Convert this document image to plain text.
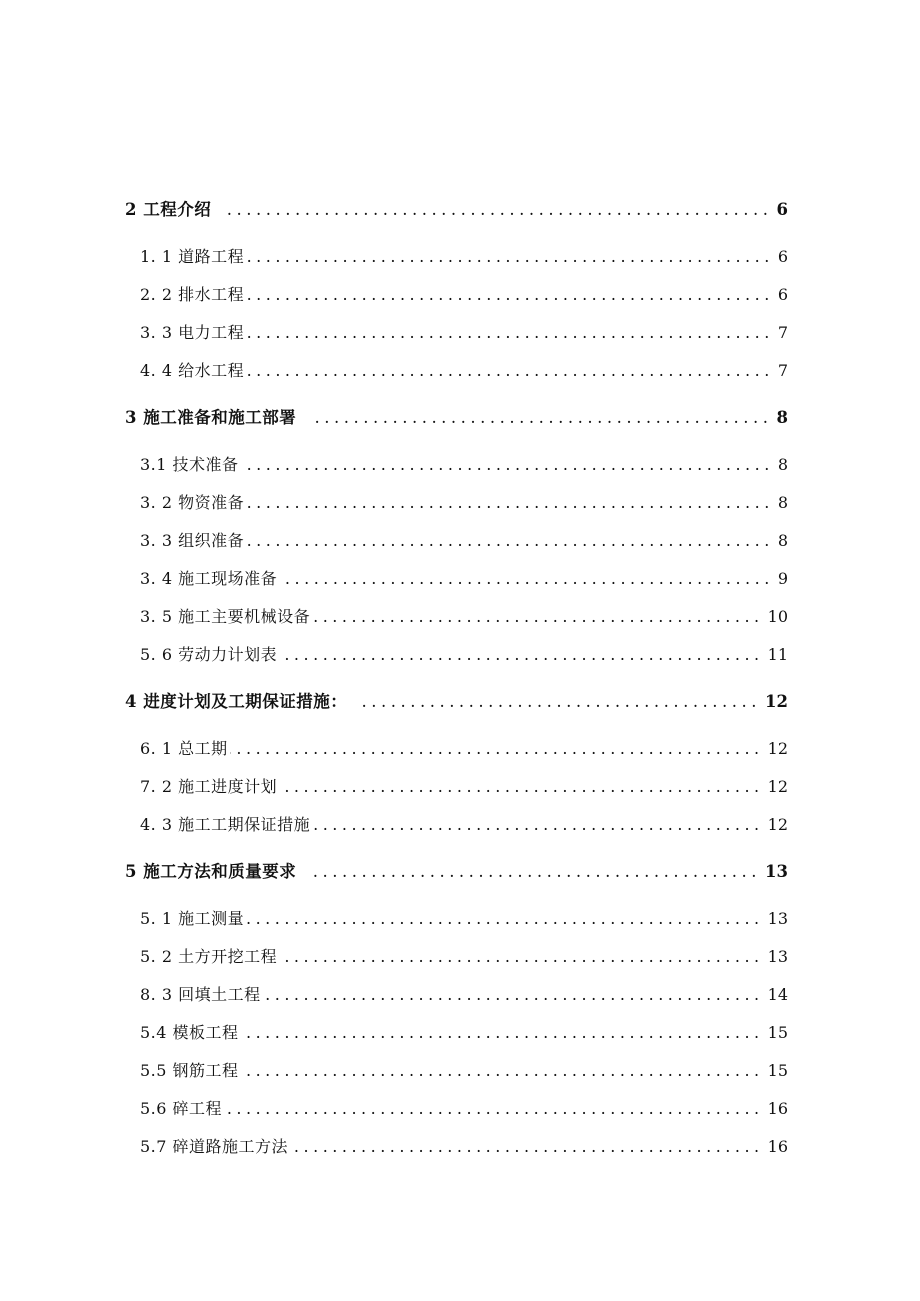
2 工程介绍 .....	6
1. 1 道路工程 .....	6
2. 2 排水工程 .....	6
3. 3 电力工程 .....	7
4. 4 给水工程 .....	7
3 施工准备和施工部署 .....	8
3.1 技术准备 .....	8
3. 2 物资准备 .....	8
3. 3 组织准备 .....	8
3. 4 施工现场准备 .....	9
3. 5 施工主要机械设备 .....	10
5. 6 劳动力计划表 .....	11
4 进度计划及工期保证措施： .....	12
6. 1 总工期 .....	12
7. 2 施工进度计划 .....	12
4. 3 施工工期保证措施 .....	12
5 施工方法和质量要求 .....	13
5. 1 施工测量 .....	13
5. 2 土方开挖工程 .....	13
8. 3 回填土工程 .....	14
5.4 模板工程 .....	15
5.5 钢筋工程 .....	15
5.6 碎工程 .....	16
5.7 碎道路施工方法 .....	16
